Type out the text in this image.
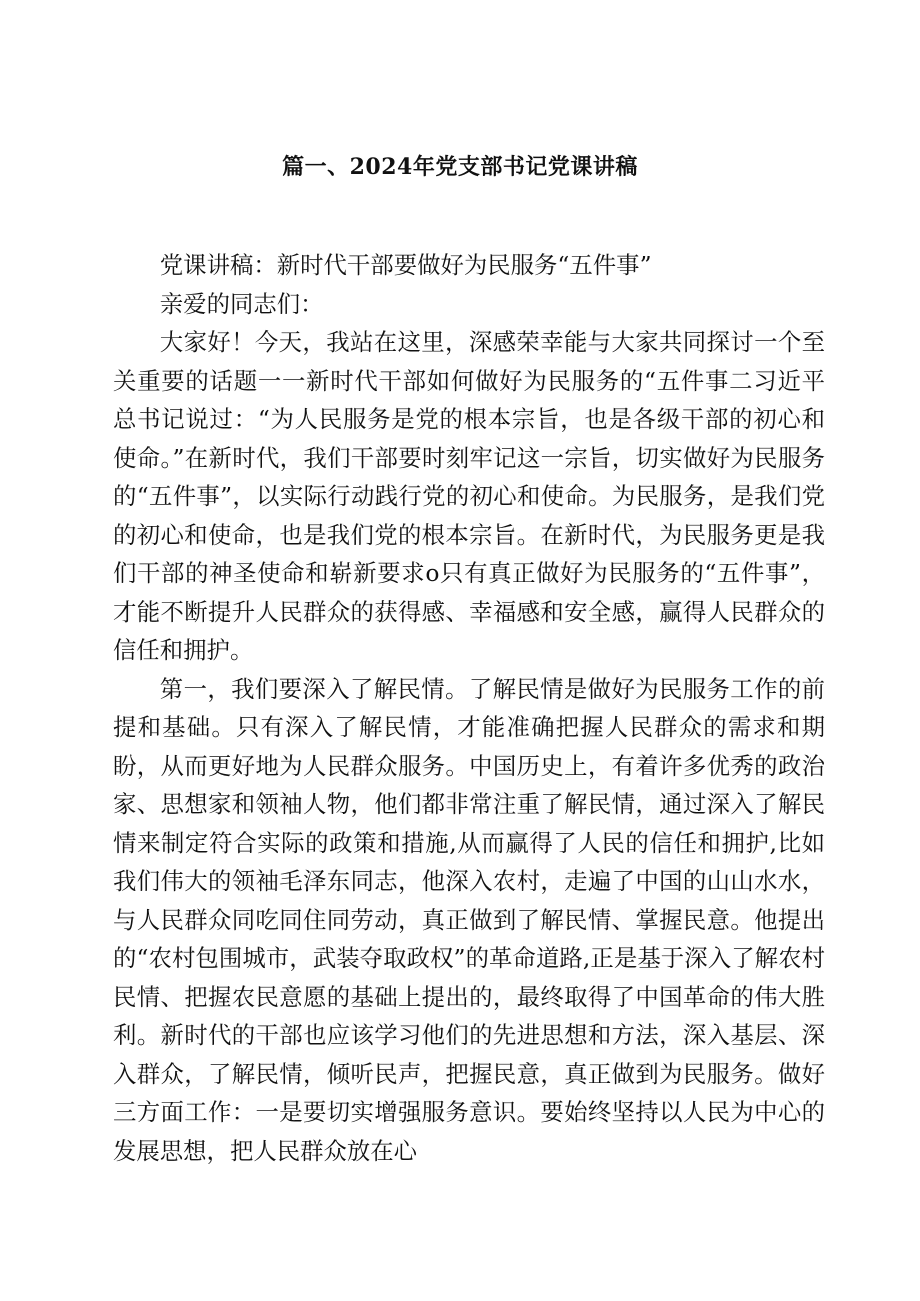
篇一、2024年党支部书记党课讲稿

党课讲稿：新时代干部要做好为民服务“五件事”

亲爱的同志们：

大家好！今天，我站在这里，深感荣幸能与大家共同探讨一个至关重要的话题一一新时代干部如何做好为民服务的“五件事二习近平总书记说过：“为人民服务是党的根本宗旨，也是各级干部的初心和使命。”在新时代，我们干部要时刻牢记这一宗旨，切实做好为民服务的“五件事”，以实际行动践行党的初心和使命。为民服务，是我们党的初心和使命，也是我们党的根本宗旨。在新时代，为民服务更是我们干部的神圣使命和崭新要求o只有真正做好为民服务的“五件事”，才能不断提升人民群众的获得感、幸福感和安全感，赢得人民群众的信任和拥护。

第一，我们要深入了解民情。了解民情是做好为民服务工作的前提和基础。只有深入了解民情，才能准确把握人民群众的需求和期盼，从而更好地为人民群众服务。中国历史上，有着许多优秀的政治家、思想家和领袖人物，他们都非常注重了解民情，通过深入了解民情来制定符合实际的政策和措施,从而赢得了人民的信任和拥护,比如我们伟大的领袖毛泽东同志，他深入农村，走遍了中国的山山水水，与人民群众同吃同住同劳动，真正做到了解民情、掌握民意。他提出的“农村包围城市，武装夺取政权”的革命道路,正是基于深入了解农村民情、把握农民意愿的基础上提出的，最终取得了中国革命的伟大胜利。新时代的干部也应该学习他们的先进思想和方法，深入基层、深入群众，了解民情，倾听民声，把握民意，真正做到为民服务。做好三方面工作：一是要切实增强服务意识。要始终坚持以人民为中心的发展思想，把人民群众放在心
